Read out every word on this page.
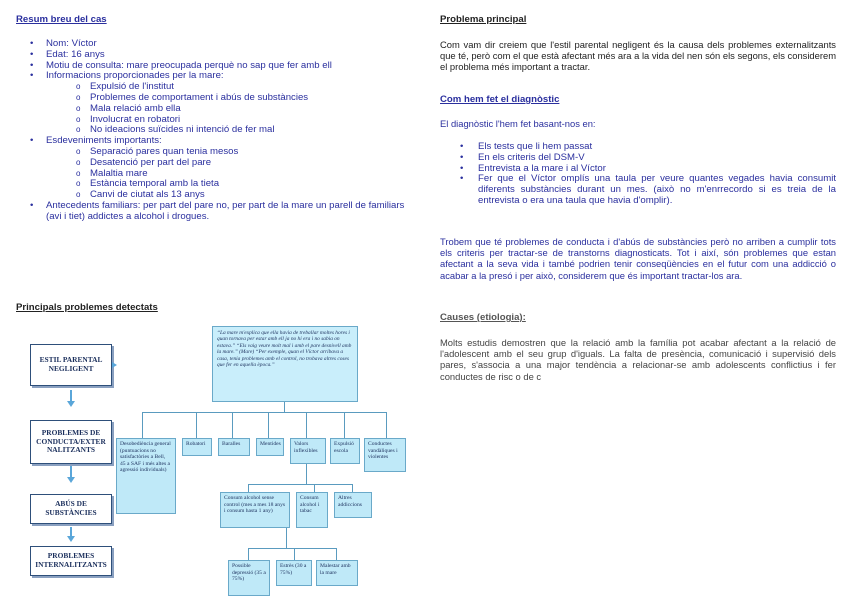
Resum breu del cas
• Nom: Víctor
• Edat: 16 anys
• Motiu de consulta: mare preocupada perquè no sap que fer amb ell
• Informacions proporcionades per la mare:
o Expulsió de l'institut
o Problemes de comportament i abús de substàncies
o Mala relació amb ella
o Involucrat en robatori
o No ideacions suïcides ni intenció de fer mal
• Esdeveniments importants:
o Separació pares quan tenia mesos
o Desatenció per part del pare
o Malaltia mare
o Estància temporal amb la tieta
o Canvi de ciutat als 13 anys
• Antecedents familiars: per part del pare no, per part de la mare un parell de familiars (avi i tiet) addictes a alcohol i drogues.
Principals problemes detectats
ESTIL PARENTAL NEGLIGENT
PROBLEMES DE CONDUCTA/EXTER NALITZANTS
ABÚS DE SUBSTÀNCIES
PROBLEMES INTERNALITZANTS
“La mare m'explica que ella havia de treballar moltes hores i quan tornava per estar amb ell ja no hi era i no sabia on estava.” “Els vaig veure molt mal i amb el pare desnivell amb la mare.” (Mare) “Per exemple, quan el Víctor arribava a casa, tenia problemes amb el control, no trobava altres coses que fer en aquella època.”
Desobediència general (puntuacions no satisfactòries a Bell, 45 a SAF i més altes a agressió individuals)
Robatori	Baralles	Mentides	Valors inflexibles
Expulsió escola
Conductes vandàliques i violentes
Consum alcohol sense control (mes a mes 18 anys i consum hasta 1 any)
Consum alcohol i tabac
Altres addiccions
Possible depressió (35 a 75%)
Estrès (30 a 75%)
Malestar amb la mare
Problema principal

Com vam dir creiem que l'estil parental negligent és la causa dels problemes externalitzants que té, però com el que està afectant més ara a la vida del nen són els segons, els considerem el problema més important a tractar.

Com hem fet el diagnòstic

El diagnòstic l'hem fet basant-nos en:

• Els tests que li hem passat
• En els criteris del DSM-V
• Entrevista a la mare i al Víctor
• Fer que el Víctor omplís una taula per veure quantes vegades havia consumit diferents substàncies durant un mes. (això no m'enrrecordo si es treia de la entrevista o era una taula que havia d'omplir).

Trobem que té problemes de conducta i d'abús de substàncies però no arriben a cumplir tots els criteris per tractar-se de transtorns diagnosticats. Tot i així, són problemes que estan afectant a la seva vida i també podrien tenir conseqüències en el futur com una addicció o acabar a la presó i per això, considerem que és important tractar-los ara.

Causes (etiologia):

Molts estudis demostren que la relació amb la família pot acabar afectant a la relació de l'adolescent amb el seu grup d'iguals. La falta de presència, comunicació i supervisió dels pares, s'associa a una major tendència a relacionar-se amb adolescents conflictius i fer conductes de risc o de c
